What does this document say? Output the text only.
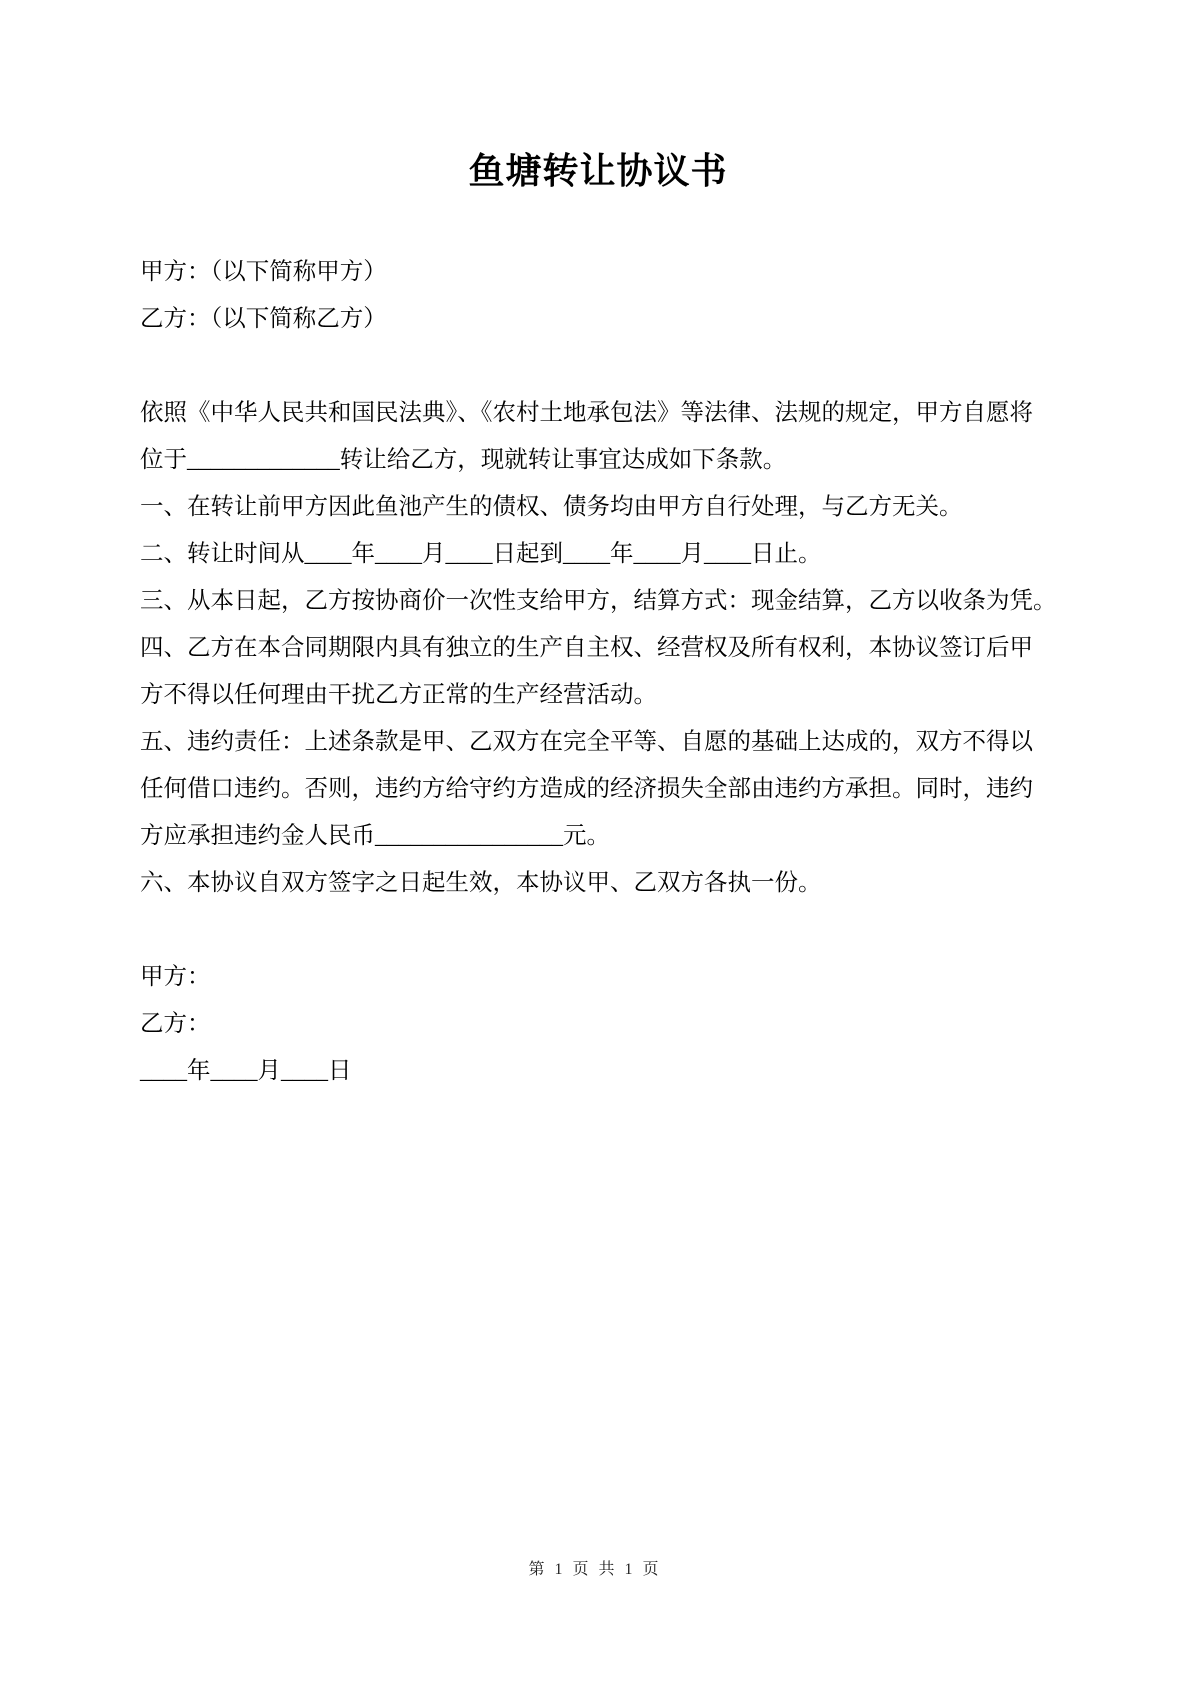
鱼塘转让协议书
甲方：（以下简称甲方）
乙方：（以下简称乙方）
依照《中华人民共和国民法典》、《农村土地承包法》等法律、法规的规定，甲方自愿将
位于_____________转让给乙方，现就转让事宜达成如下条款。
一、在转让前甲方因此鱼池产生的债权、债务均由甲方自行处理，与乙方无关。
二、转让时间从____年____月____日起到____年____月____日止。
三、从本日起，乙方按协商价一次性支给甲方，结算方式：现金结算，乙方以收条为凭。
四、乙方在本合同期限内具有独立的生产自主权、经营权及所有权利，本协议签订后甲
方不得以任何理由干扰乙方正常的生产经营活动。
五、违约责任：上述条款是甲、乙双方在完全平等、自愿的基础上达成的，双方不得以
任何借口违约。否则，违约方给守约方造成的经济损失全部由违约方承担。同时，违约
方应承担违约金人民币________________元。
六、本协议自双方签字之日起生效，本协议甲、乙双方各执一份。
甲方：
乙方：
____年____月____日
第 1 页 共 1 页
